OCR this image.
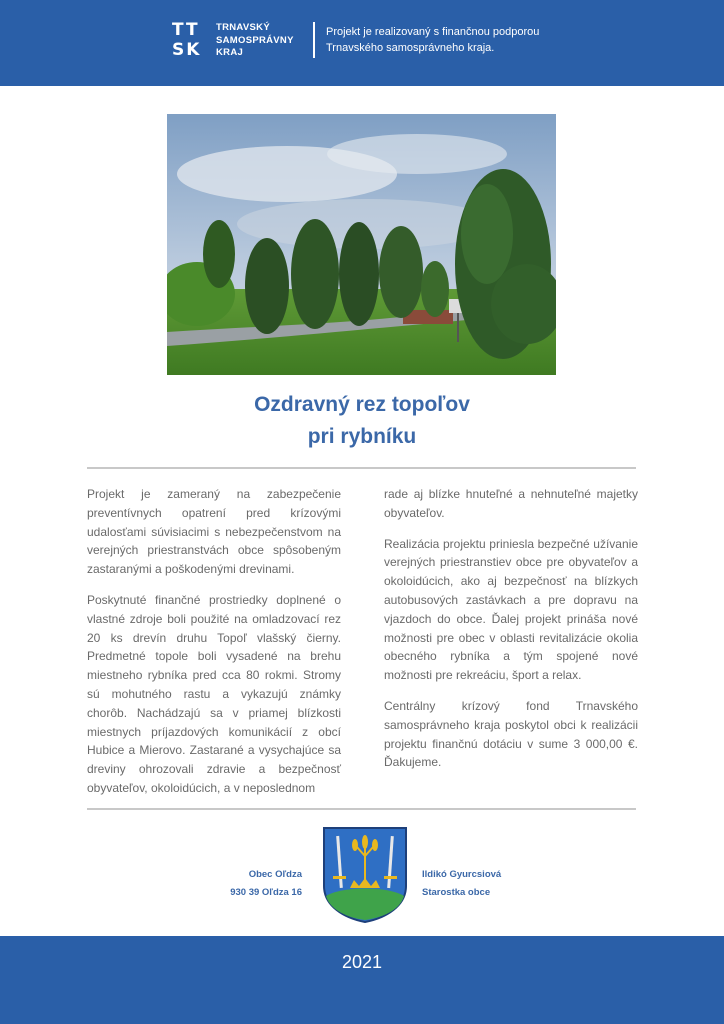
TT
SK
TRNAVSKÝ
SAMOSPRÁVNY
KRAJ
Projekt je realizovaný s finančnou podporou
Trnavského samosprávneho kraja.
Ozdravný rez topoľov
pri rybníku

Projekt je zameraný na zabezpečenie preventívnych opatrení pred krízovými udalosťami súvisiacimi s nebezpečenstvom na verejných priestranstvách obce spôsobeným zastaranými a poškodenými drevinami.

Poskytnuté finančné prostriedky doplnené o vlastné zdroje boli použité na omladzovací rez 20 ks drevín druhu Topoľ vlašský čierny. Predmetné topole boli vysadené na brehu miestneho rybníka pred cca 80 rokmi. Stromy sú mohutného rastu a vykazujú známky chorôb. Nachádzajú sa v priamej blízkosti miestnych príjazdových komunikácií z obcí Hubice a Mierovo. Zastarané a vysychajúce sa dreviny ohrozovali zdravie a bezpečnosť obyvateľov, okoloidúcich, a v neposlednom

rade aj blízke hnuteľné a nehnuteľné majetky obyvateľov.

Realizácia projektu priniesla bezpečné užívanie verejných priestranstiev obce pre obyvateľov a okoloidúcich, ako aj bezpečnosť na blízkych autobusových zastávkach a pre dopravu na vjazdoch do obce. Ďalej projekt prináša nové možnosti pre obec v oblasti revitalizácie okolia obecného rybníka a tým spojené nové možnosti pre rekreáciu, šport a relax.

Centrálny krízový fond Trnavského samosprávneho kraja poskytol obci k realizácii projektu finančnú dotáciu v sume 3 000,00 €. Ďakujeme.

Obec Oľdza
930 39 Oľdza 16
Ildikó Gyurcsiová
Starostka obce
2021
